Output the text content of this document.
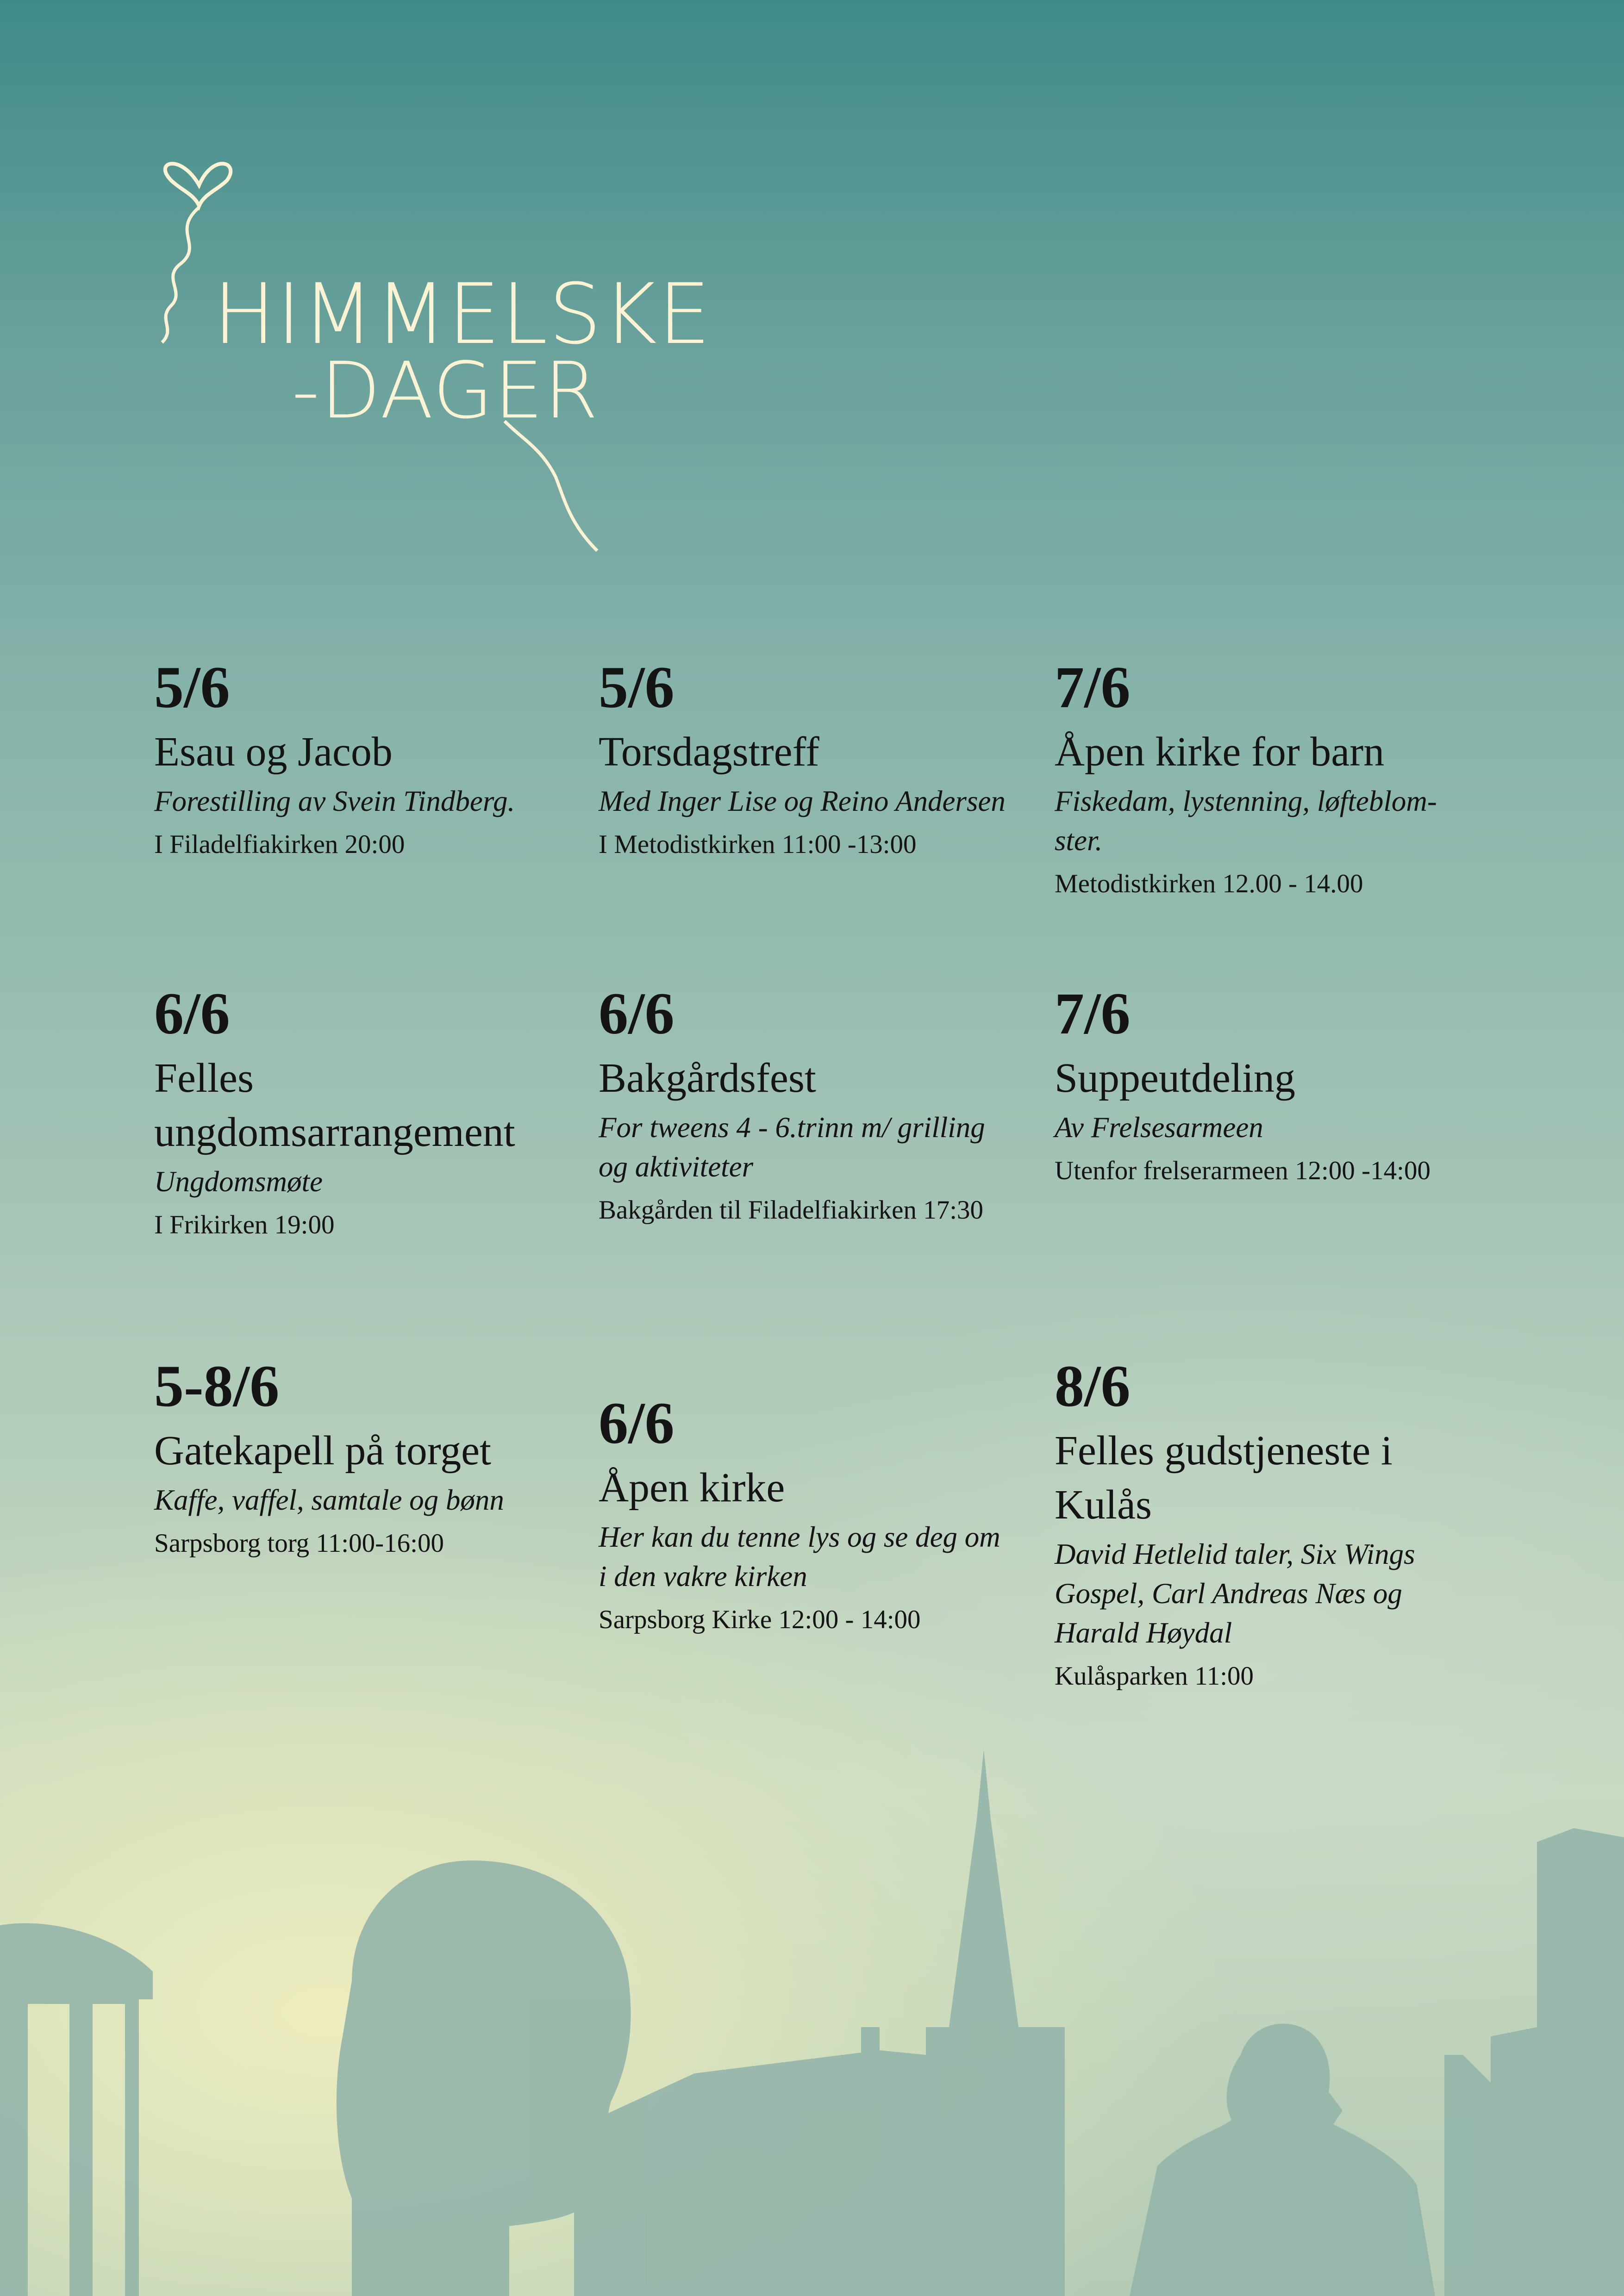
HIMMELSKE
-DAGER
5/6
Esau og Jacob
Forestilling av Svein Tindberg.
I Filadelfiakirken 20:00
5/6
Torsdagstreff
Med Inger Lise og Reino Andersen
I Metodistkirken 11:00 -13:00
7/6
Åpen kirke for barn
Fiskedam, lystenning, løfteblom-ster.
Metodistkirken 12.00 - 14.00
6/6
Felles ungdomsarrangement
Ungdomsmøte
I Frikirken 19:00
6/6
Bakgårdsfest
For tweens 4 - 6.trinn m/ grilling og aktiviteter
Bakgården til Filadelfiakirken 17:30
7/6
Suppeutdeling
Av Frelsesarmeen
Utenfor frelserarmeen 12:00 -14:00
5-8/6
Gatekapell på torget
Kaffe, vaffel, samtale og bønn
Sarpsborg torg 11:00-16:00
6/6
Åpen kirke
Her kan du tenne lys og se deg om i den vakre kirken
Sarpsborg Kirke 12:00 - 14:00
8/6
Felles gudstjeneste i Kulås
David Hetlelid taler, Six Wings Gospel, Carl Andreas Næs og Harald Høydal
Kulåsparken 11:00
